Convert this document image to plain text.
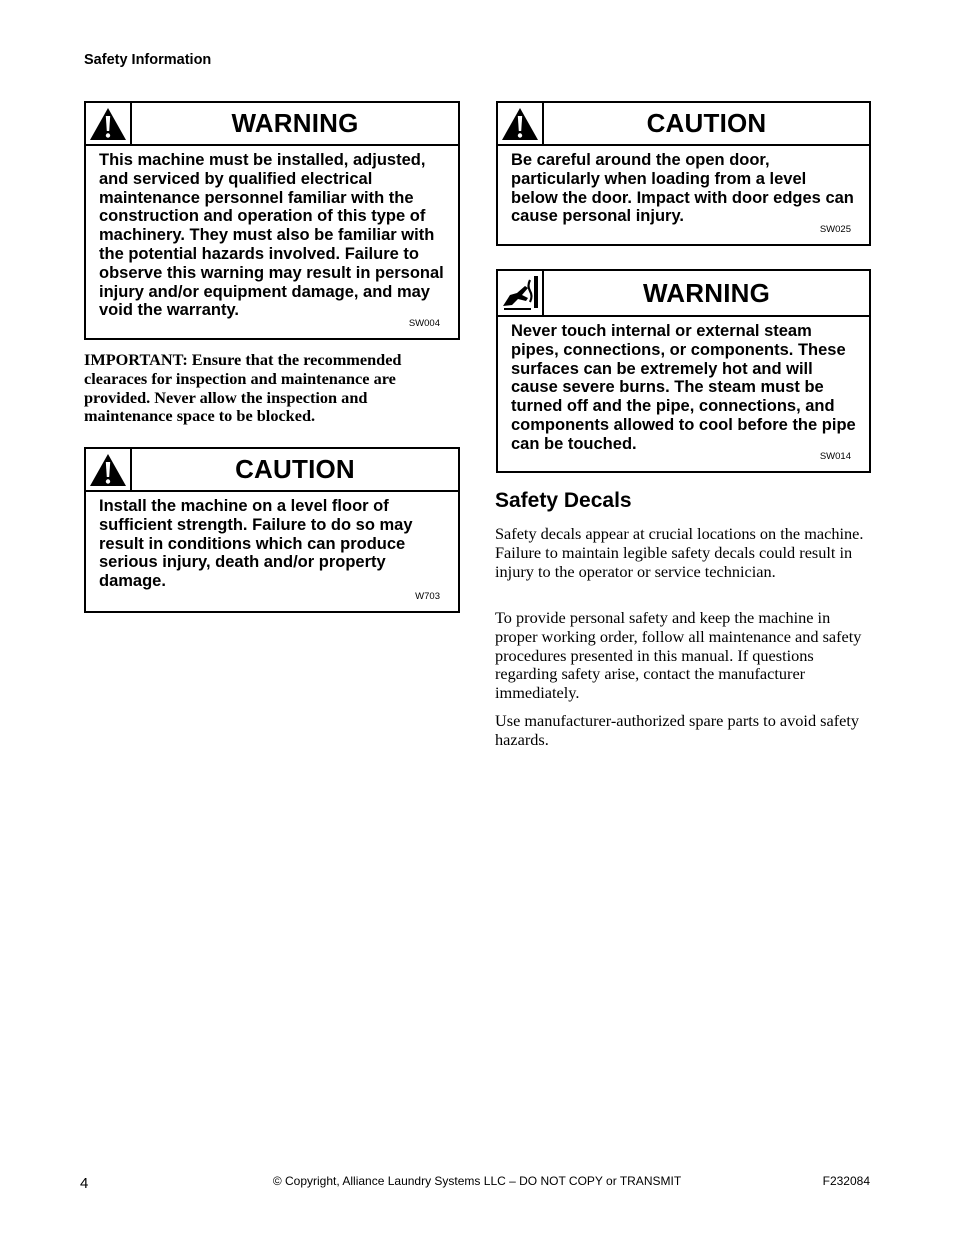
Safety Information
WARNING
This machine must be installed, adjusted, and serviced by qualified electrical maintenance personnel familiar with the construction and operation of this type of machinery. They must also be familiar with the potential hazards involved. Failure to observe this warning may result in personal injury and/or equipment damage, and may void the warranty.
SW004
IMPORTANT: Ensure that the recommended clearaces for inspection and maintenance are provided. Never allow the inspection and maintenance space to be blocked.
CAUTION
Install the machine on a level floor of sufficient strength. Failure to do so may result in conditions which can produce serious injury, death and/or property damage.
W703
CAUTION
Be careful around the open door, particularly when loading from a level below the door. Impact with door edges can cause personal injury.
SW025
WARNING
Never touch internal or external steam pipes, connections, or components. These surfaces can be extremely hot and will cause severe burns. The steam must be turned off and the pipe, connections, and components allowed to cool before the pipe can be touched.
SW014
Safety Decals

Safety decals appear at crucial locations on the machine. Failure to maintain legible safety decals could result in injury to the operator or service technician.

To provide personal safety and keep the machine in proper working order, follow all maintenance and safety procedures presented in this manual. If questions regarding safety arise, contact the manufacturer immediately.

Use manufacturer-authorized spare parts to avoid safety hazards.

4	© Copyright, Alliance Laundry Systems LLC – DO NOT COPY or TRANSMIT	F232084
